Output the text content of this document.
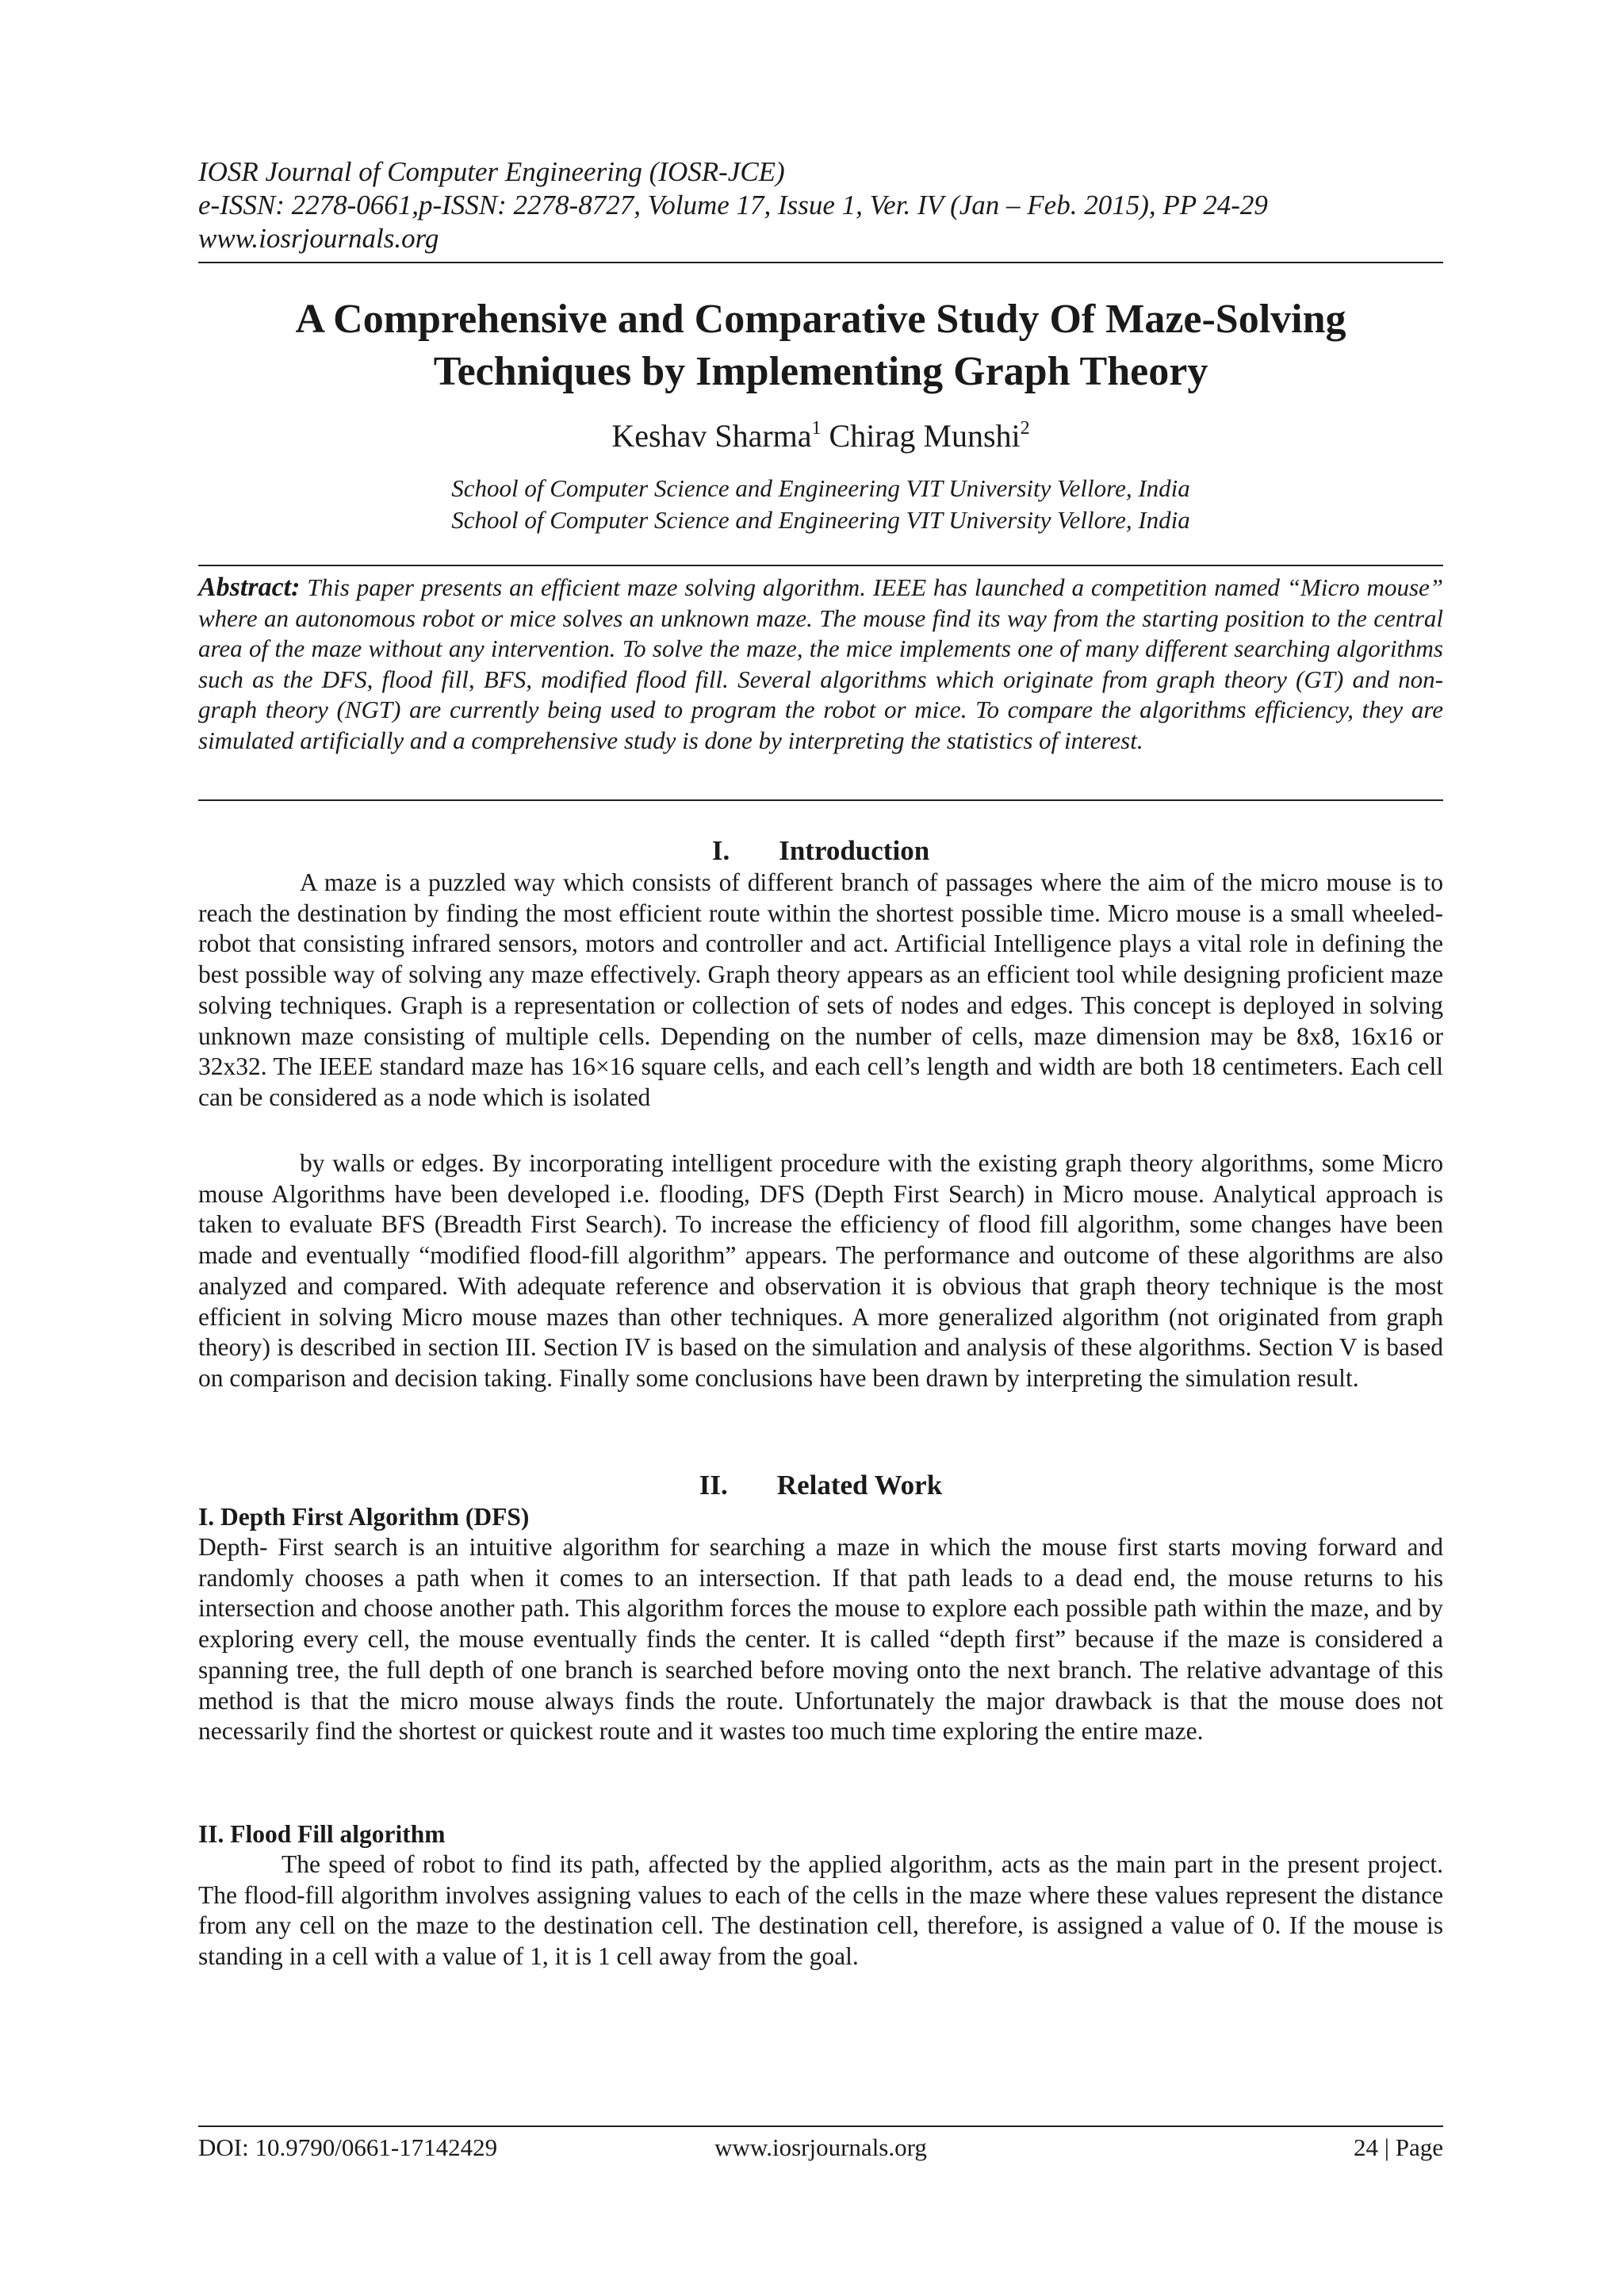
IOSR Journal of Computer Engineering (IOSR-JCE)
e-ISSN: 2278-0661,p-ISSN: 2278-8727, Volume 17, Issue 1, Ver. IV (Jan – Feb. 2015), PP 24-29
www.iosrjournals.org
A Comprehensive and Comparative Study Of Maze-Solving
Techniques by Implementing Graph Theory
Keshav Sharma$^1$ Chirag Munshi$^2$
School of Computer Science and Engineering VIT University Vellore, India
School of Computer Science and Engineering VIT University Vellore, India
Abstract: This paper presents an efficient maze solving algorithm. IEEE has launched a competition named “Micro mouse” where an autonomous robot or mice solves an unknown maze. The mouse find its way from the starting position to the central area of the maze without any intervention. To solve the maze, the mice implements one of many different searching algorithms such as the DFS, flood fill, BFS, modified flood fill. Several algorithms which originate from graph theory (GT) and non-graph theory (NGT) are currently being used to program the robot or mice. To compare the algorithms efficiency, they are simulated artificially and a comprehensive study is done by interpreting the statistics of interest.
I. Introduction
A maze is a puzzled way which consists of different branch of passages where the aim of the micro mouse is to reach the destination by finding the most efficient route within the shortest possible time. Micro mouse is a small wheeled-robot that consisting infrared sensors, motors and controller and act. Artificial Intelligence plays a vital role in defining the best possible way of solving any maze effectively. Graph theory appears as an efficient tool while designing proficient maze solving techniques. Graph is a representation or collection of sets of nodes and edges. This concept is deployed in solving unknown maze consisting of multiple cells. Depending on the number of cells, maze dimension may be 8x8, 16x16 or 32x32. The IEEE standard maze has 16×16 square cells, and each cell’s length and width are both 18 centimeters. Each cell can be considered as a node which is isolated
by walls or edges. By incorporating intelligent procedure with the existing graph theory algorithms, some Micro mouse Algorithms have been developed i.e. flooding, DFS (Depth First Search) in Micro mouse. Analytical approach is taken to evaluate BFS (Breadth First Search). To increase the efficiency of flood fill algorithm, some changes have been made and eventually “modified flood-fill algorithm” appears. The performance and outcome of these algorithms are also analyzed and compared. With adequate reference and observation it is obvious that graph theory technique is the most efficient in solving Micro mouse mazes than other techniques. A more generalized algorithm (not originated from graph theory) is described in section III. Section IV is based on the simulation and analysis of these algorithms. Section V is based on comparison and decision taking. Finally some conclusions have been drawn by interpreting the simulation result.
II. Related Work
I. Depth First Algorithm (DFS)
Depth- First search is an intuitive algorithm for searching a maze in which the mouse first starts moving forward and randomly chooses a path when it comes to an intersection. If that path leads to a dead end, the mouse returns to his intersection and choose another path. This algorithm forces the mouse to explore each possible path within the maze, and by exploring every cell, the mouse eventually finds the center. It is called “depth first” because if the maze is considered a spanning tree, the full depth of one branch is searched before moving onto the next branch. The relative advantage of this method is that the micro mouse always finds the route. Unfortunately the major drawback is that the mouse does not necessarily find the shortest or quickest route and it wastes too much time exploring the entire maze.
II. Flood Fill algorithm
The speed of robot to find its path, affected by the applied algorithm, acts as the main part in the present project. The flood-fill algorithm involves assigning values to each of the cells in the maze where these values represent the distance from any cell on the maze to the destination cell. The destination cell, therefore, is assigned a value of 0. If the mouse is standing in a cell with a value of 1, it is 1 cell away from the goal.
DOI: 10.9790/0661-17142429	www.iosrjournals.org	24 | Page
